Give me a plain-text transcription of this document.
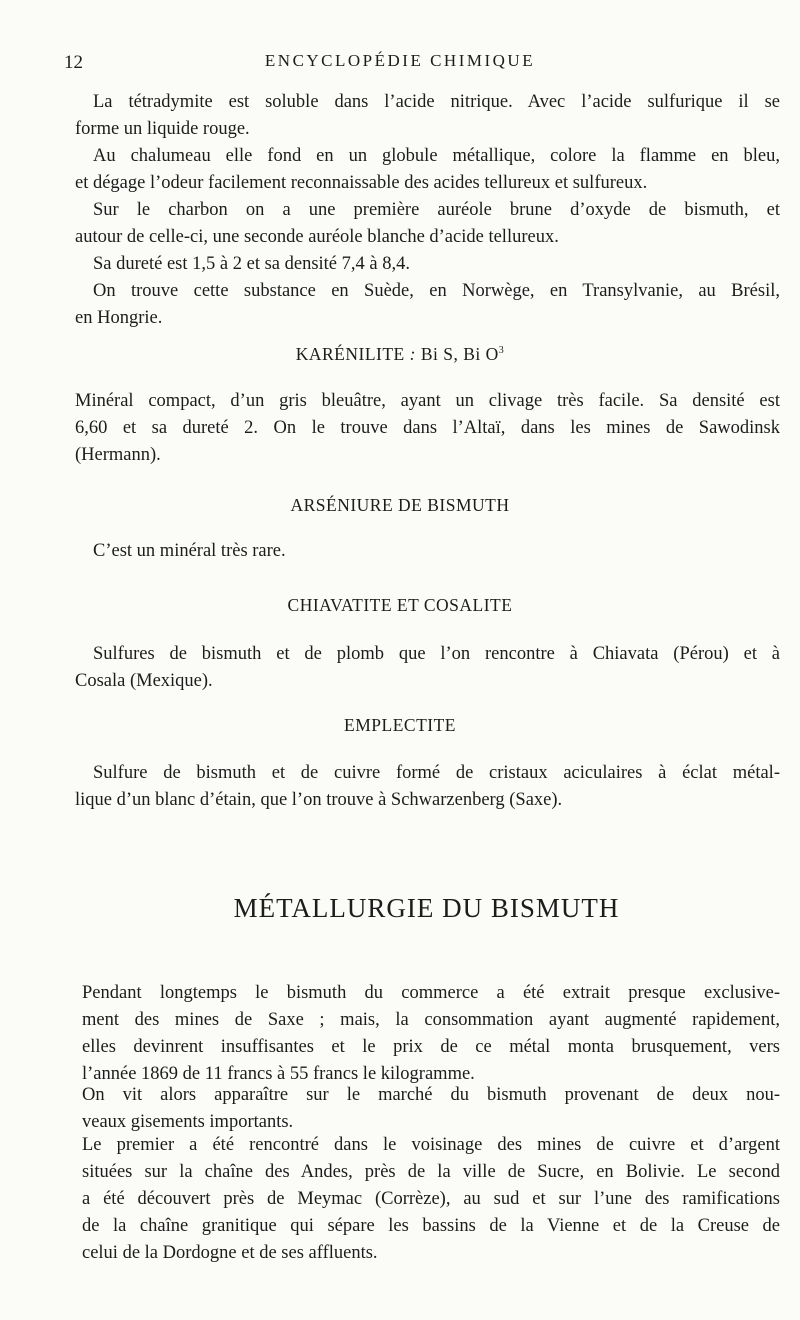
12	ENCYCLOPÉDIE CHIMIQUE
La tétradymite est soluble dans l’acide nitrique. Avec l’acide sulfurique il se
forme un liquide rouge.
Au chalumeau elle fond en un globule métallique, colore la flamme en bleu,
et dégage l’odeur facilement reconnaissable des acides tellureux et sulfureux.
Sur le charbon on a une première auréole brune d’oxyde de bismuth, et
autour de celle-ci, une seconde auréole blanche d’acide tellureux.
Sa dureté est 1,5 à 2 et sa densité 7,4 à 8,4.
On trouve cette substance en Suède, en Norwège, en Transylvanie, au Brésil,
en Hongrie.
KARÉNILITE : Bi S, Bi $O^3$
Minéral compact, d’un gris bleuâtre, ayant un clivage très facile. Sa densité est
6,60 et sa dureté 2. On le trouve dans l’Altaï, dans les mines de Sawodinsk
(Hermann).
ARSÉNIURE DE BISMUTH
C’est un minéral très rare.
CHIAVATITE ET COSALITE
Sulfures de bismuth et de plomb que l’on rencontre à Chiavata (Pérou) et à
Cosala (Mexique).
EMPLECTITE
Sulfure de bismuth et de cuivre formé de cristaux aciculaires à éclat métal-
lique d’un blanc d’étain, que l’on trouve à Schwarzenberg (Saxe).
MÉTALLURGIE DU BISMUTH
Pendant longtemps le bismuth du commerce a été extrait presque exclusive-
ment des mines de Saxe ; mais, la consommation ayant augmenté rapidement,
elles devinrent insuffisantes et le prix de ce métal monta brusquement, vers
l’année 1869 de 11 francs à 55 francs le kilogramme.
On vit alors apparaître sur le marché du bismuth provenant de deux nou-
veaux gisements importants.
Le premier a été rencontré dans le voisinage des mines de cuivre et d’argent
situées sur la chaîne des Andes, près de la ville de Sucre, en Bolivie. Le second
a été découvert près de Meymac (Corrèze), au sud et sur l’une des ramifications
de la chaîne granitique qui sépare les bassins de la Vienne et de la Creuse de
celui de la Dordogne et de ses affluents.
